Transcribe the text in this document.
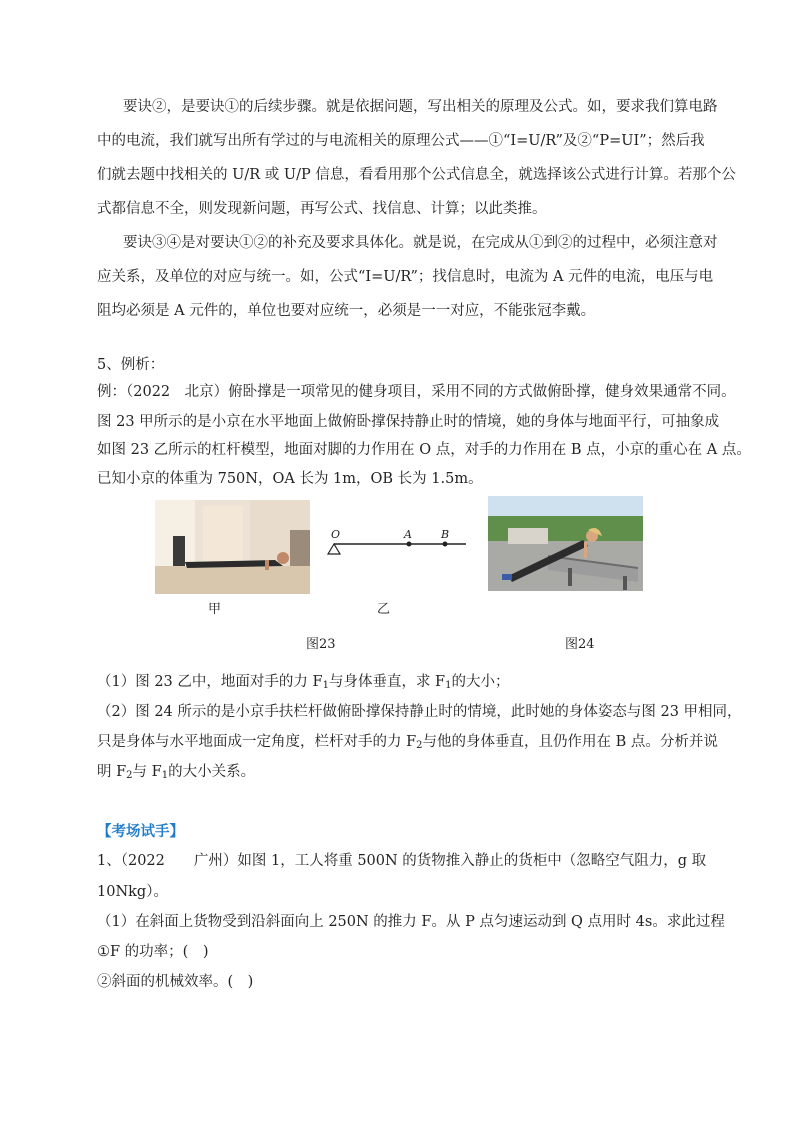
要诀②，是要诀①的后续步骤。就是依据问题，写出相关的原理及公式。如，要求我们算电路
中的电流，我们就写出所有学过的与电流相关的原理公式——①“I=U/R”及②“P=UI”；然后我
们就去题中找相关的 U/R 或 U/P 信息，看看用那个公式信息全，就选择该公式进行计算。若那个公
式都信息不全，则发现新问题，再写公式、找信息、计算；以此类推。
要诀③④是对要诀①②的补充及要求具体化。就是说，在完成从①到②的过程中，必须注意对
应关系，及单位的对应与统一。如，公式“I=U/R”；找信息时，电流为 A 元件的电流，电压与电
阻均必须是 A 元件的，单位也要对应统一，必须是一一对应，不能张冠李戴。
5、例析：
例：（2022　北京）俯卧撑是一项常见的健身项目，采用不同的方式做俯卧撑，健身效果通常不同。
图 23 甲所示的是小京在水平地面上做俯卧撑保持静止时的情境，她的身体与地面平行，可抽象成
如图 23 乙所示的杠杆模型，地面对脚的力作用在 O 点，对手的力作用在 B 点，小京的重心在 A 点。
已知小京的体重为 750N，OA 长为 1m，OB 长为 1.5m。
甲
O	A	B
乙
图23	图24
（1）图 23 乙中，地面对手的力 $F_1$与身体垂直，求 $F_1$的大小；
（2）图 24 所示的是小京手扶栏杆做俯卧撑保持静止时的情境，此时她的身体姿态与图 23 甲相同，
只是身体与水平地面成一定角度，栏杆对手的力 $F_2$与他的身体垂直，且仍作用在 B 点。分析并说
明 $F_2$与 $F_1$的大小关系。
【考场试手】
1、（2022　　广州）如图 1，工人将重 500N 的货物推入静止的货柜中（忽略空气阻力，g 取
10Nkg）。
（1）在斜面上货物受到沿斜面向上 250N 的推力 F。从 P 点匀速运动到 Q 点用时 4s。求此过程
①F 的功率；(　)
②斜面的机械效率。(　)
